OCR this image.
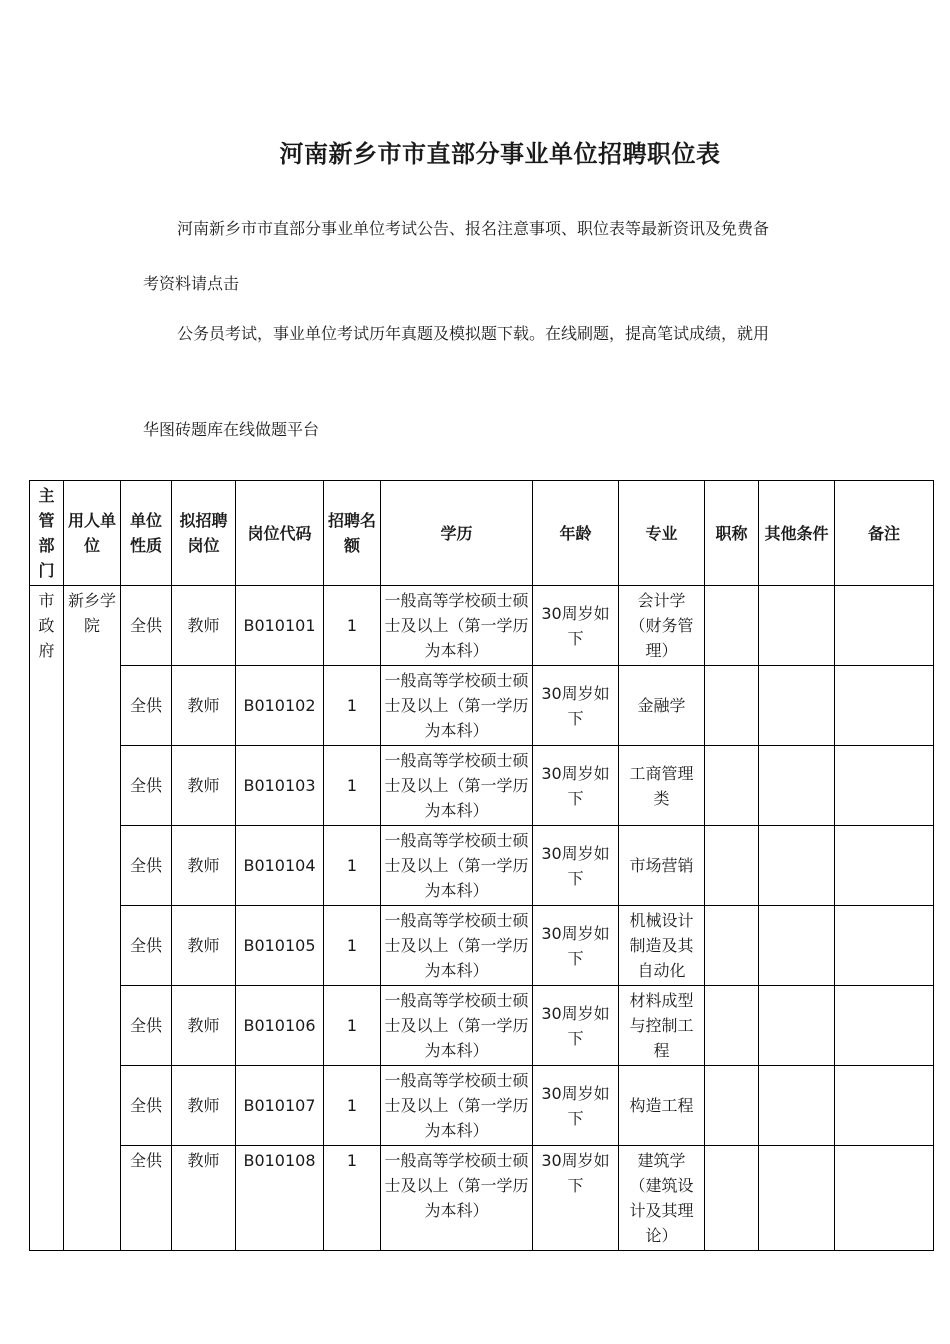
河南新乡市市直部分事业单位招聘职位表
河南新乡市市直部分事业单位考试公告、报名注意事项、职位表等最新资讯及免费备
考资料请点击
公务员考试，事业单位考试历年真题及模拟题下载。在线刷题，提高笔试成绩，就用
华图砖题库在线做题平台
主管部门	用人单位	单位性质	拟招聘岗位	岗位代码	招聘名额	学历	年龄	专业	职称	其他条件	备注
市政府	新乡学院	全供	教师	B010101	1	一般高等学校硕士硕士及以上（第一学历为本科）	30周岁如下	会计学（财务管理）			
		全供	教师	B010102	1	一般高等学校硕士硕士及以上（第一学历为本科）	30周岁如下	金融学			
		全供	教师	B010103	1	一般高等学校硕士硕士及以上（第一学历为本科）	30周岁如下	工商管理类			
		全供	教师	B010104	1	一般高等学校硕士硕士及以上（第一学历为本科）	30周岁如下	市场营销			
		全供	教师	B010105	1	一般高等学校硕士硕士及以上（第一学历为本科）	30周岁如下	机械设计制造及其自动化			
		全供	教师	B010106	1	一般高等学校硕士硕士及以上（第一学历为本科）	30周岁如下	材料成型与控制工程			
		全供	教师	B010107	1	一般高等学校硕士硕士及以上（第一学历为本科）	30周岁如下	构造工程			
		全供	教师	B010108	1	一般高等学校硕士硕士及以上（第一学历为本科）	30周岁如下	建筑学（建筑设计及其理论）			
